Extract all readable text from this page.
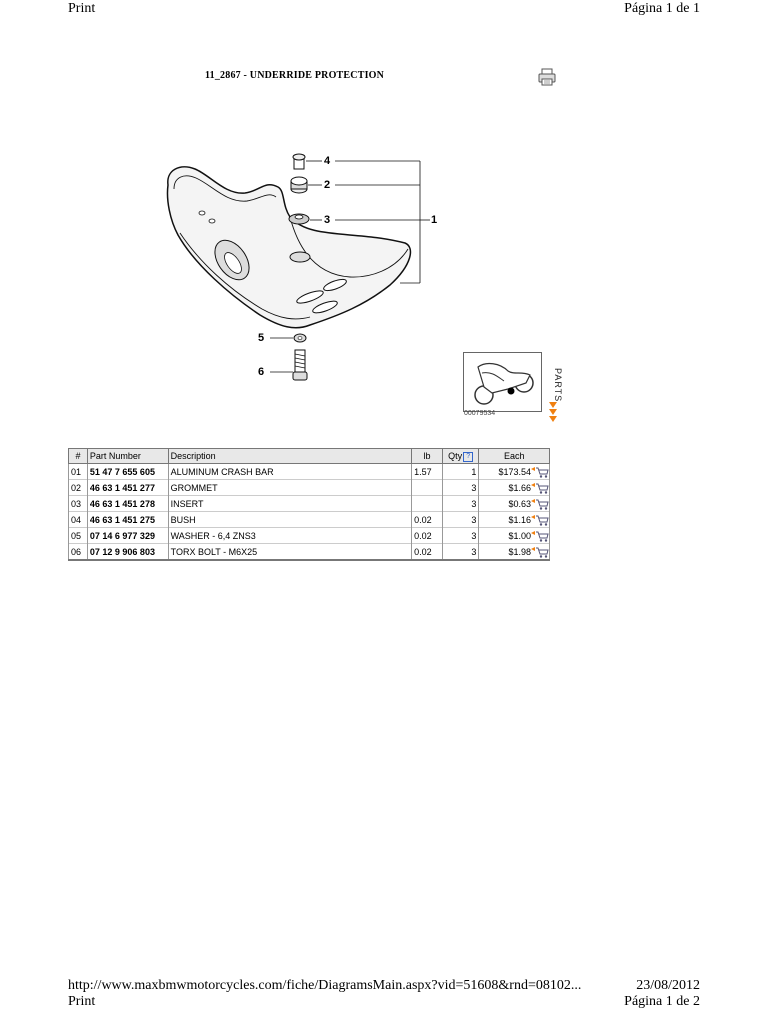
Print	Página 1 de 1
11_2867 - UNDERRIDE PROTECTION
4
2
3	1
5
6
00079534
PARTS
#	Part Number	Description	lb	Qty ?	Each
01	51 47 7 655 605	ALUMINUM CRASH BAR	1.57	1	$173.54
02	46 63 1 451 277	GROMMET		3	$1.66
03	46 63 1 451 278	INSERT		3	$0.63
04	46 63 1 451 275	BUSH	0.02	3	$1.16
05	07 14 6 977 329	WASHER - 6,4 ZNS3	0.02	3	$1.00
06	07 12 9 906 803	TORX BOLT - M6X25	0.02	3	$1.98
http://www.maxbmwmotorcycles.com/fiche/DiagramsMain.aspx?vid=51608&rnd=08102...	23/08/2012
Print	Página 1 de 2
